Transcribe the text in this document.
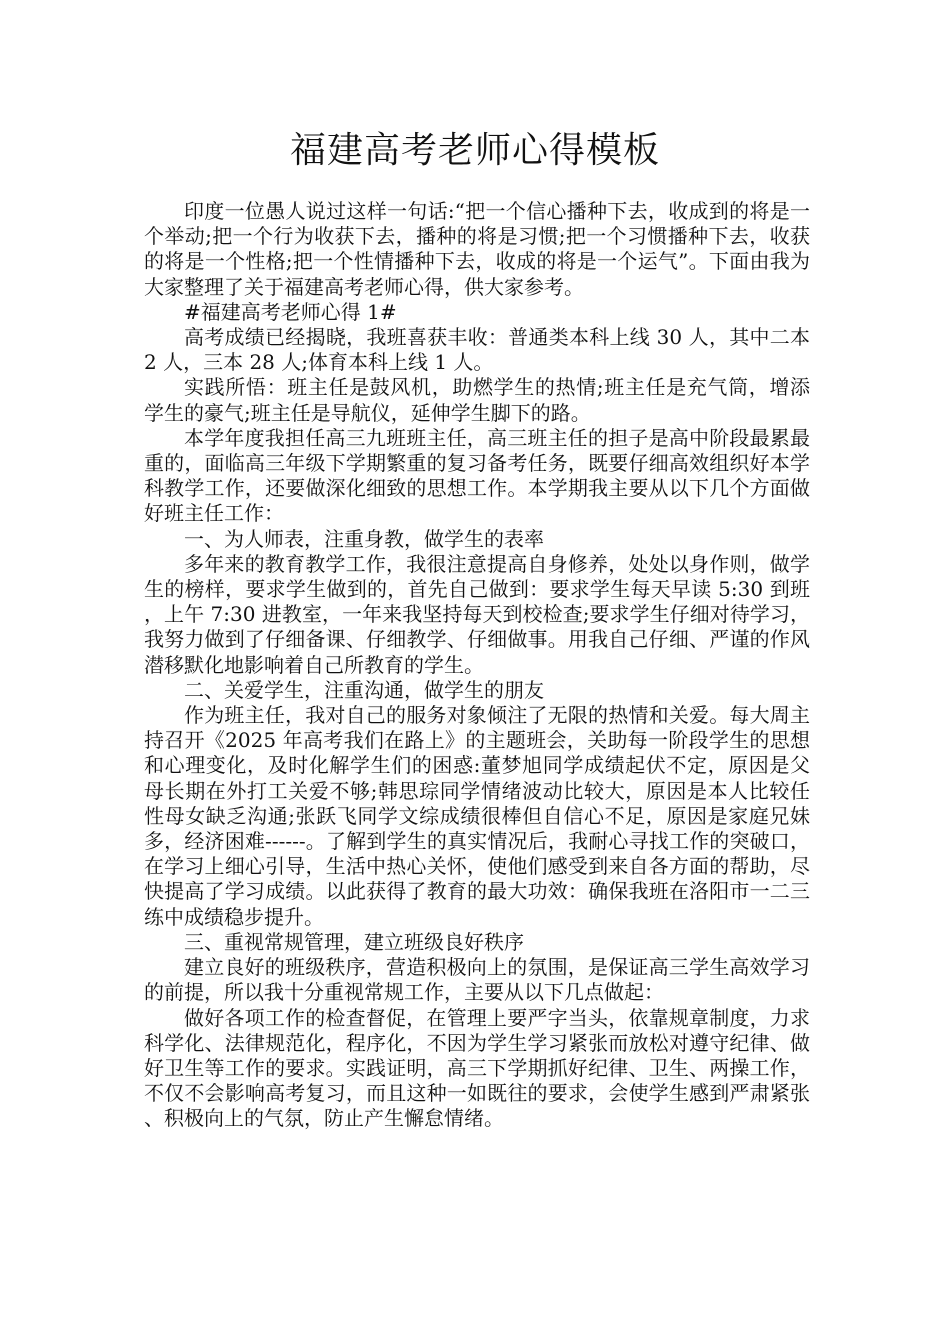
福建高考老师心得模板

印度一位愚人说过这样一句话:“把一个信心播种下去，收成到的将是一个举动;把一个行为收获下去，播种的将是习惯;把一个习惯播种下去，收获的将是一个性格;把一个性情播种下去，收成的将是一个运气”。下面由我为大家整理了关于福建高考老师心得，供大家参考。

#福建高考老师心得 1#

高考成绩已经揭晓，我班喜获丰收：普通类本科上线 30 人，其中二本 2 人，三本 28 人;体育本科上线 1 人。

实践所悟：班主任是鼓风机，助燃学生的热情;班主任是充气筒，增添学生的豪气;班主任是导航仪，延伸学生脚下的路。

本学年度我担任高三九班班主任，高三班主任的担子是高中阶段最累最重的，面临高三年级下学期繁重的复习备考任务，既要仔细高效组织好本学科教学工作，还要做深化细致的思想工作。本学期我主要从以下几个方面做好班主任工作：

一、为人师表，注重身教，做学生的表率

多年来的教育教学工作，我很注意提高自身修养，处处以身作则，做学生的榜样，要求学生做到的，首先自己做到：要求学生每天早读 5:30 到班，上午 7:30 进教室，一年来我坚持每天到校检查;要求学生仔细对待学习，我努力做到了仔细备课、仔细教学、仔细做事。用我自己仔细、严谨的作风潜移默化地影响着自己所教育的学生。

二、关爱学生，注重沟通，做学生的朋友

作为班主任，我对自己的服务对象倾注了无限的热情和关爱。每大周主持召开《2025 年高考我们在路上》的主题班会，关助每一阶段学生的思想和心理变化，及时化解学生们的困惑:董梦旭同学成绩起伏不定，原因是父母长期在外打工关爱不够;韩思琮同学情绪波动比较大，原因是本人比较任性母女缺乏沟通;张跃飞同学文综成绩很棒但自信心不足，原因是家庭兄妹多，经济困难------。了解到学生的真实情况后，我耐心寻找工作的突破口，在学习上细心引导，生活中热心关怀，使他们感受到来自各方面的帮助，尽快提高了学习成绩。以此获得了教育的最大功效：确保我班在洛阳市一二三练中成绩稳步提升。

三、重视常规管理，建立班级良好秩序

建立良好的班级秩序，营造积极向上的氛围，是保证高三学生高效学习的前提，所以我十分重视常规工作，主要从以下几点做起：

做好各项工作的检查督促，在管理上要严字当头，依靠规章制度，力求科学化、法律规范化，程序化，不因为学生学习紧张而放松对遵守纪律、做好卫生等工作的要求。实践证明，高三下学期抓好纪律、卫生、两操工作，不仅不会影响高考复习，而且这种一如既往的要求，会使学生感到严肃紧张、积极向上的气氛，防止产生懈怠情绪。
